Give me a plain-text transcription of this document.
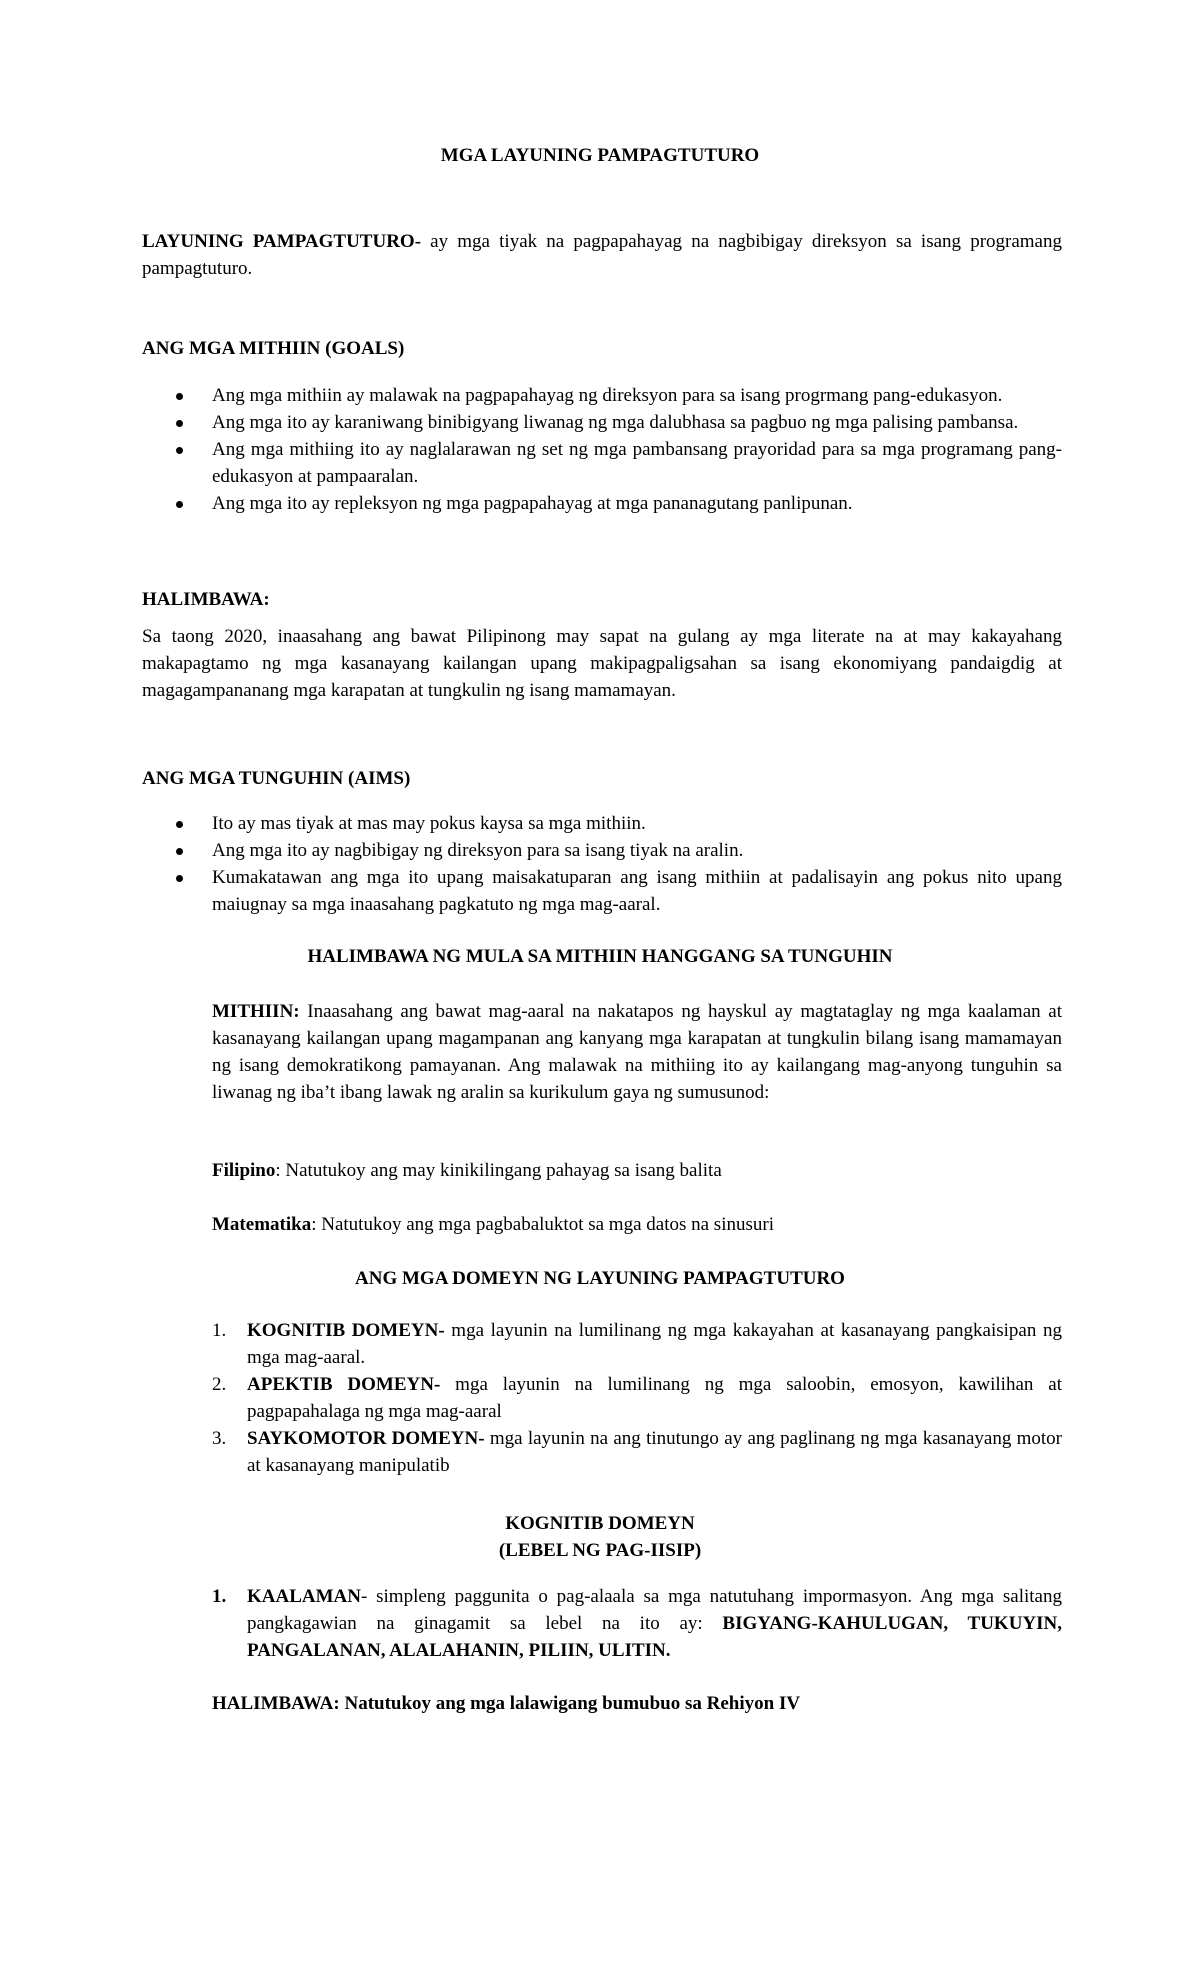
MGA LAYUNING PAMPAGTUTURO

LAYUNING PAMPAGTUTURO- ay mga tiyak na pagpapahayag na nagbibigay direksyon sa isang programang pampagtuturo.

ANG MGA MITHIIN (GOALS)
Ang mga mithiin ay malawak na pagpapahayag ng direksyon para sa isang progrmang pang-edukasyon.
Ang mga ito ay karaniwang binibigyang liwanag ng mga dalubhasa sa pagbuo ng mga palising pambansa.
Ang mga mithiing ito ay naglalarawan ng set ng mga pambansang prayoridad para sa mga programang pang-edukasyon at pampaaralan.
Ang mga ito ay repleksyon ng mga pagpapahayag at mga pananagutang panlipunan.
HALIMBAWA:

Sa taong 2020, inaasahang ang bawat Pilipinong may sapat na gulang ay mga literate na at may kakayahang makapagtamo ng mga kasanayang kailangan upang makipagpaligsahan sa isang ekonomiyang pandaigdig at magagampananang mga karapatan at tungkulin ng isang mamamayan.

ANG MGA TUNGUHIN (AIMS)
Ito ay mas tiyak at mas may pokus kaysa sa mga mithiin.
Ang mga ito ay nagbibigay ng direksyon para sa isang tiyak na aralin.
Kumakatawan ang mga ito upang maisakatuparan ang isang mithiin at padalisayin ang pokus nito upang maiugnay sa mga inaasahang pagkatuto ng mga mag-aaral.
HALIMBAWA NG MULA SA MITHIIN HANGGANG SA TUNGUHIN

MITHIIN: Inaasahang ang bawat mag-aaral na nakatapos ng hayskul ay magtataglay ng mga kaalaman at kasanayang kailangan upang magampanan ang kanyang mga karapatan at tungkulin bilang isang mamamayan ng isang demokratikong pamayanan. Ang malawak na mithiing ito ay kailangang mag-anyong tunguhin sa liwanag ng iba’t ibang lawak ng aralin sa kurikulum gaya ng sumusunod:

Filipino: Natutukoy ang may kinikilingang pahayag sa isang balita

Matematika: Natutukoy ang mga pagbabaluktot sa mga datos na sinusuri

ANG MGA DOMEYN NG LAYUNING PAMPAGTUTURO
1. KOGNITIB DOMEYN- mga layunin na lumilinang ng mga kakayahan at kasanayang pangkaisipan ng mga mag-aaral.
2. APEKTIB DOMEYN- mga layunin na lumilinang ng mga saloobin, emosyon, kawilihan at pagpapahalaga ng mga mag-aaral
3. SAYKOMOTOR DOMEYN- mga layunin na ang tinutungo ay ang paglinang ng mga kasanayang motor at kasanayang manipulatib
KOGNITIB DOMEYN
(LEBEL NG PAG-IISIP)
1. KAALAMAN- simpleng paggunita o pag-alaala sa mga natutuhang impormasyon. Ang mga salitang pangkagawian na ginagamit sa lebel na ito ay: BIGYANG-KAHULUGAN, TUKUYIN, PANGALANAN, ALALAHANIN, PILIIN, ULITIN.

HALIMBAWA: Natutukoy ang mga lalawigang bumubuo sa Rehiyon IV
